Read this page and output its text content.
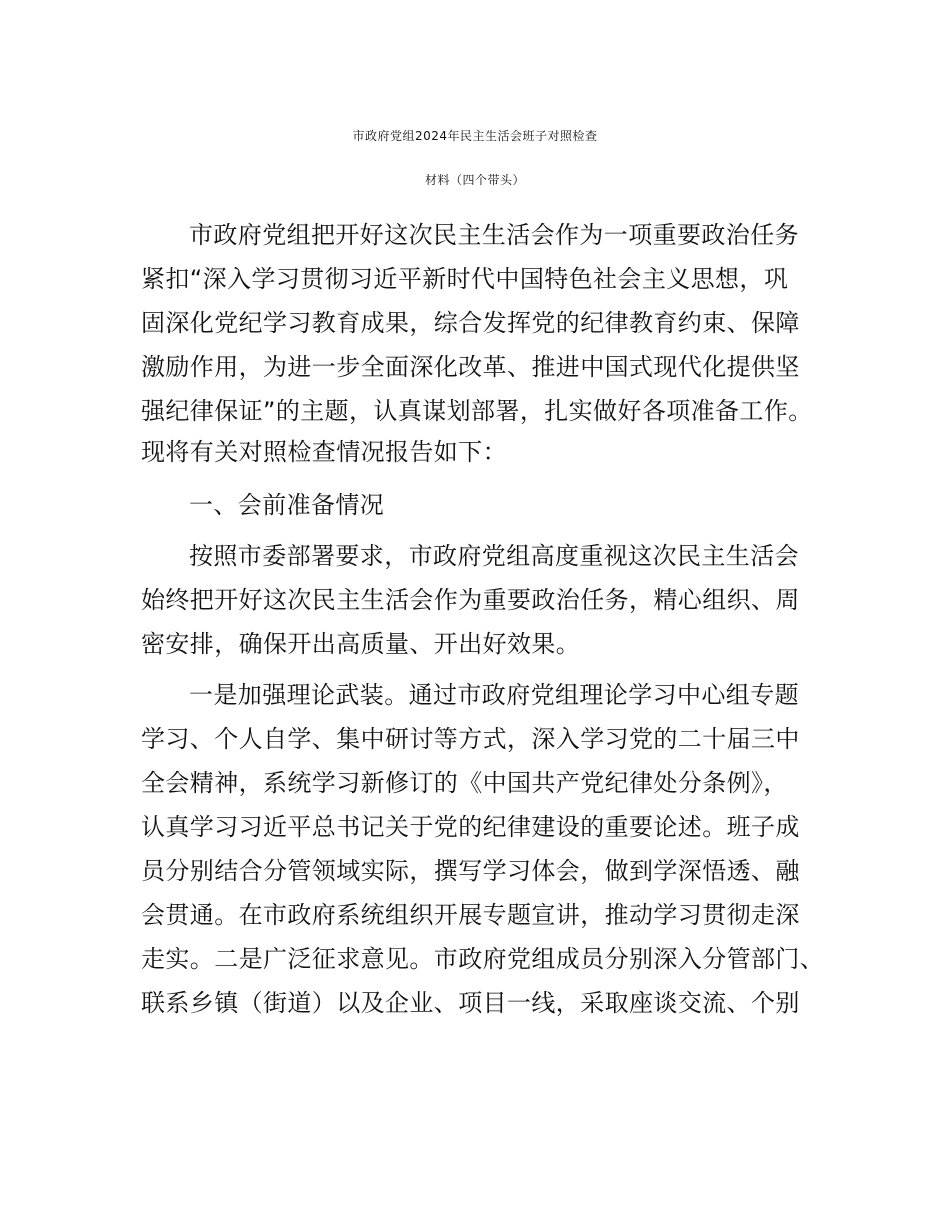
市政府党组2024年民主生活会班子对照检查
材料（四个带头）
市政府党组把开好这次民主生活会作为一项重要政治任务
紧扣“深入学习贯彻习近平新时代中国特色社会主义思想，巩
固深化党纪学习教育成果，综合发挥党的纪律教育约束、保障
激励作用，为进一步全面深化改革、推进中国式现代化提供坚
强纪律保证”的主题，认真谋划部署，扎实做好各项准备工作。
现将有关对照检查情况报告如下：
一、会前准备情况
按照市委部署要求，市政府党组高度重视这次民主生活会
始终把开好这次民主生活会作为重要政治任务，精心组织、周
密安排，确保开出高质量、开出好效果。
一是加强理论武装。通过市政府党组理论学习中心组专题
学习、个人自学、集中研讨等方式，深入学习党的二十届三中
全会精神，系统学习新修订的《中国共产党纪律处分条例》，
认真学习习近平总书记关于党的纪律建设的重要论述。班子成
员分别结合分管领域实际，撰写学习体会，做到学深悟透、融
会贯通。在市政府系统组织开展专题宣讲，推动学习贯彻走深
走实。二是广泛征求意见。市政府党组成员分别深入分管部门、
联系乡镇（街道）以及企业、项目一线，采取座谈交流、个别
